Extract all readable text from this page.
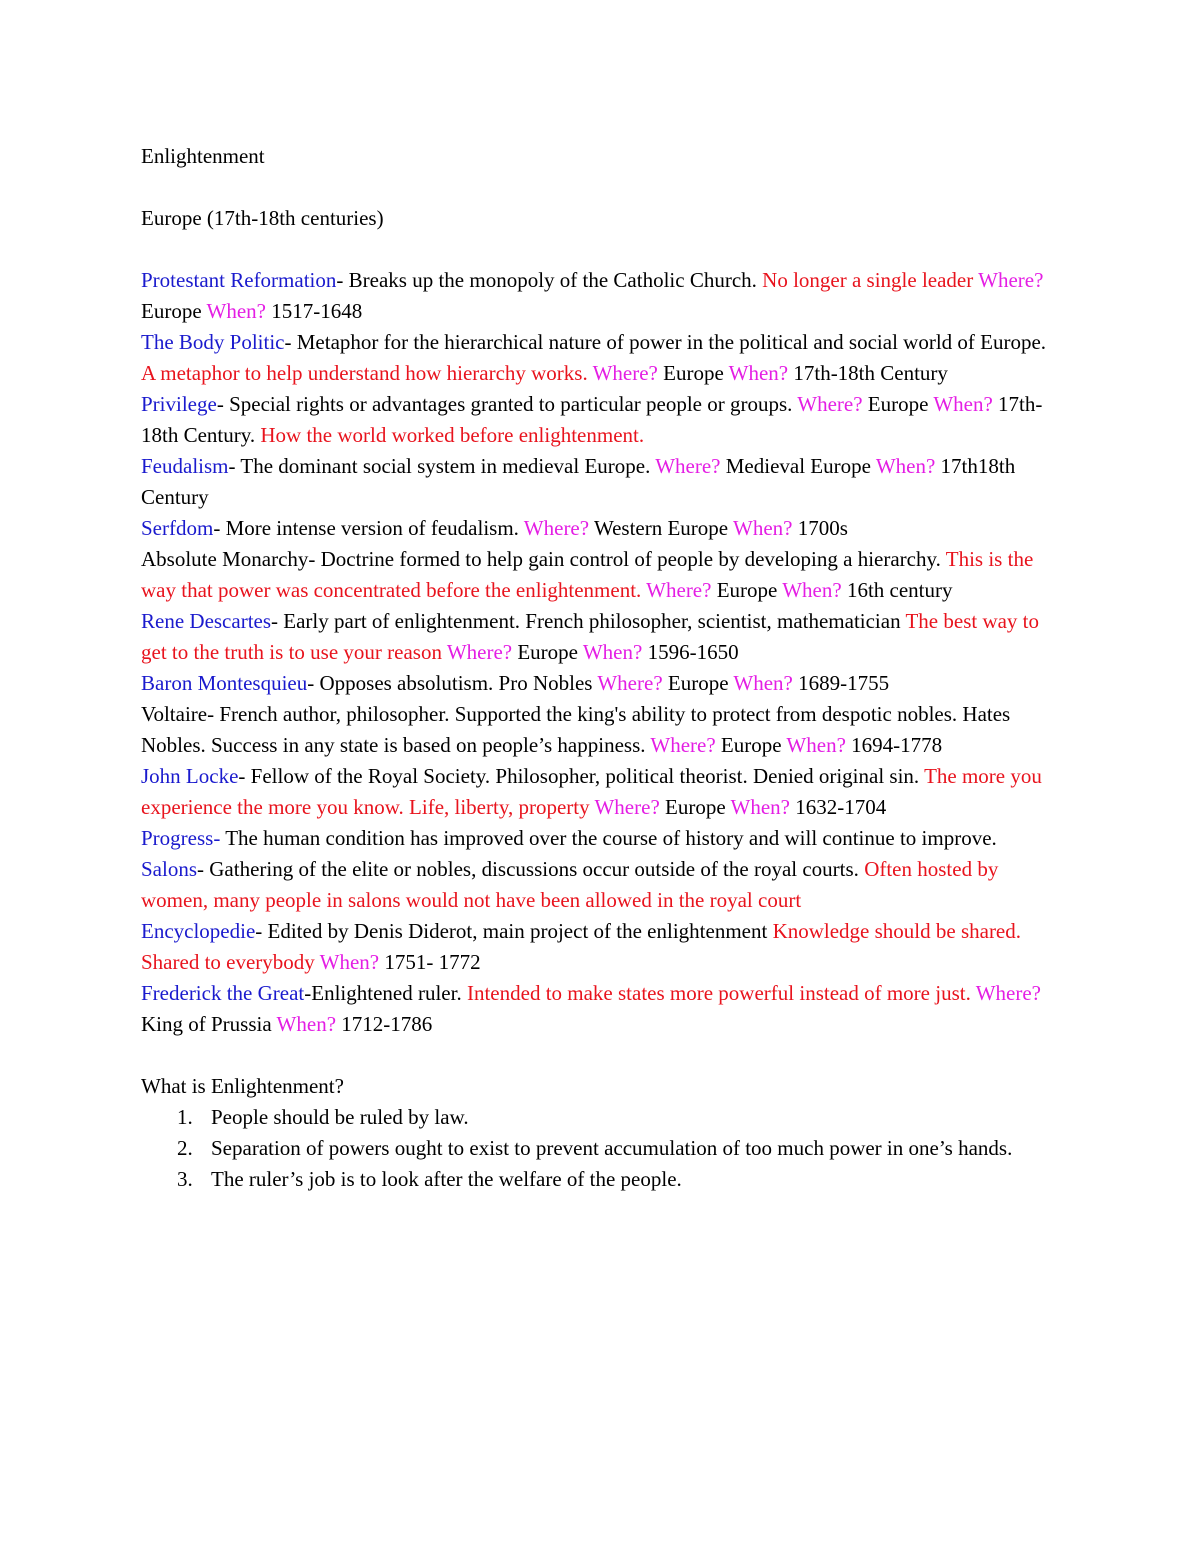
Enlightenment

Europe (17th-18th centuries)

Protestant Reformation- Breaks up the monopoly of the Catholic Church. No longer a single leader Where? Europe When? 1517-1648

The Body Politic- Metaphor for the hierarchical nature of power in the political and social world of Europe. A metaphor to help understand how hierarchy works. Where? Europe When? 17th-18th Century

Privilege- Special rights or advantages granted to particular people or groups. Where? Europe When? 17th-18th Century. How the world worked before enlightenment.

Feudalism- The dominant social system in medieval Europe. Where? Medieval Europe When? 17th18th Century

Serfdom- More intense version of feudalism. Where? Western Europe When? 1700s

Absolute Monarchy- Doctrine formed to help gain control of people by developing a hierarchy. This is the way that power was concentrated before the enlightenment. Where? Europe When? 16th century

Rene Descartes- Early part of enlightenment. French philosopher, scientist, mathematician The best way to get to the truth is to use your reason Where? Europe When? 1596-1650

Baron Montesquieu- Opposes absolutism. Pro Nobles Where? Europe When? 1689-1755

Voltaire- French author, philosopher. Supported the king's ability to protect from despotic nobles. Hates Nobles. Success in any state is based on people’s happiness. Where? Europe When? 1694-1778

John Locke- Fellow of the Royal Society. Philosopher, political theorist. Denied original sin. The more you experience the more you know. Life, liberty, property Where? Europe When? 1632-1704

Progress- The human condition has improved over the course of history and will continue to improve.

Salons- Gathering of the elite or nobles, discussions occur outside of the royal courts. Often hosted by women, many people in salons would not have been allowed in the royal court

Encyclopedie- Edited by Denis Diderot, main project of the enlightenment Knowledge should be shared. Shared to everybody When? 1751- 1772

Frederick the Great-Enlightened ruler. Intended to make states more powerful instead of more just. Where? King of Prussia When? 1712-1786

What is Enlightenment?

1. People should be ruled by law.
2. Separation of powers ought to exist to prevent accumulation of too much power in one’s hands.
3. The ruler’s job is to look after the welfare of the people.
